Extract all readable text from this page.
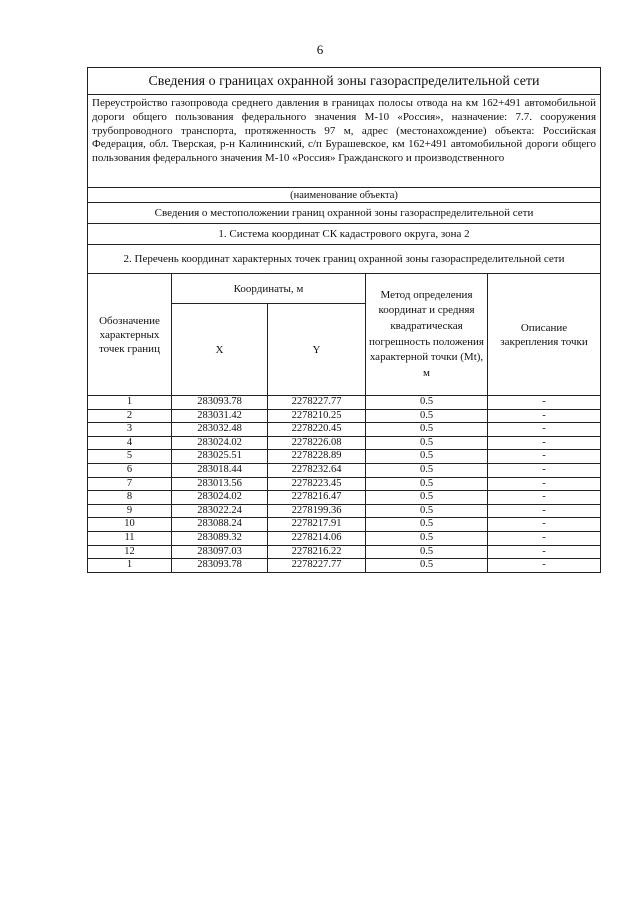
6
Сведения о границах охранной зоны газораспределительной сети				
Переустройство газопровода среднего давления в границах полосы отвода на км 162+491 автомобильной дороги общего пользования федерального значения М-10 «Россия», назначение: 7.7. сооружения трубопроводного транспорта, протяженность 97 м, адрес (местонахождение) объекта: Российская Федерация, обл. Тверская, р-н Калининский, с/п Бурашевское, км 162+491 автомобильной дороги общего пользования федерального значения М-10 «Россия» Гражданского и производственного				
(наименование объекта)				
Сведения о местоположении границ охранной зоны газораспределительной сети				
1. Система координат СК кадастрового округа, зона 2				
2. Перечень координат характерных точек границ охранной зоны газораспределительной сети				
Обозначение характерных точек границ	Координаты, м		Метод определения координат и средняя квадратическая погрешность положения характерной точки (Mt), м	Описание закрепления точки
	X	Y		
1	283093.78	2278227.77	0.5	-
2	283031.42	2278210.25	0.5	-
3	283032.48	2278220.45	0.5	-
4	283024.02	2278226.08	0.5	-
5	283025.51	2278228.89	0.5	-
6	283018.44	2278232.64	0.5	-
7	283013.56	2278223.45	0.5	-
8	283024.02	2278216.47	0.5	-
9	283022.24	2278199.36	0.5	-
10	283088.24	2278217.91	0.5	-
11	283089.32	2278214.06	0.5	-
12	283097.03	2278216.22	0.5	-
1	283093.78	2278227.77	0.5	-
